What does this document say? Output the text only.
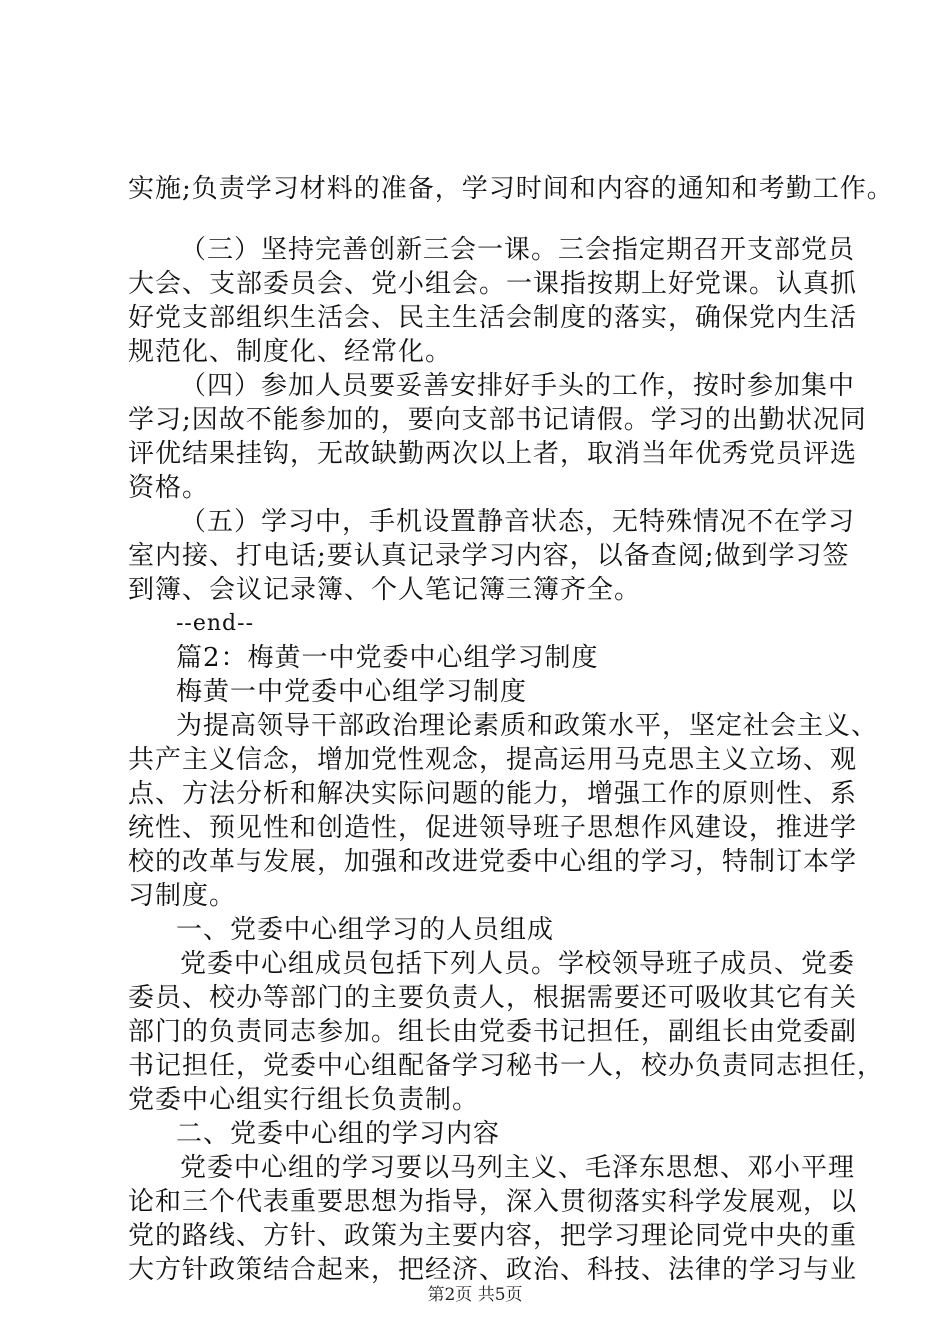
实施;负责学习材料的准备，学习时间和内容的通知和考勤工作。
（三）坚持完善创新三会一课。三会指定期召开支部党员
大会、支部委员会、党小组会。一课指按期上好党课。认真抓
好党支部组织生活会、民主生活会制度的落实，确保党内生活
规范化、制度化、经常化。
（四）参加人员要妥善安排好手头的工作，按时参加集中
学习;因故不能参加的，要向支部书记请假。学习的出勤状况同
评优结果挂钩，无故缺勤两次以上者，取消当年优秀党员评选
资格。
（五）学习中，手机设置静音状态，无特殊情况不在学习
室内接、打电话;要认真记录学习内容，以备查阅;做到学习签
到簿、会议记录簿、个人笔记簿三簿齐全。
--end--
篇2：梅黄一中党委中心组学习制度
梅黄一中党委中心组学习制度
为提高领导干部政治理论素质和政策水平，坚定社会主义、
共产主义信念，增加党性观念，提高运用马克思主义立场、观
点、方法分析和解决实际问题的能力，增强工作的原则性、系
统性、预见性和创造性，促进领导班子思想作风建设，推进学
校的改革与发展，加强和改进党委中心组的学习，特制订本学
习制度。
一、党委中心组学习的人员组成
党委中心组成员包括下列人员。学校领导班子成员、党委
委员、校办等部门的主要负责人，根据需要还可吸收其它有关
部门的负责同志参加。组长由党委书记担任，副组长由党委副
书记担任，党委中心组配备学习秘书一人，校办负责同志担任，
党委中心组实行组长负责制。
二、党委中心组的学习内容
党委中心组的学习要以马列主义、毛泽东思想、邓小平理
论和三个代表重要思想为指导，深入贯彻落实科学发展观，以
党的路线、方针、政策为主要内容，把学习理论同党中央的重
大方针政策结合起来，把经济、政治、科技、法律的学习与业
第2页 共5页
